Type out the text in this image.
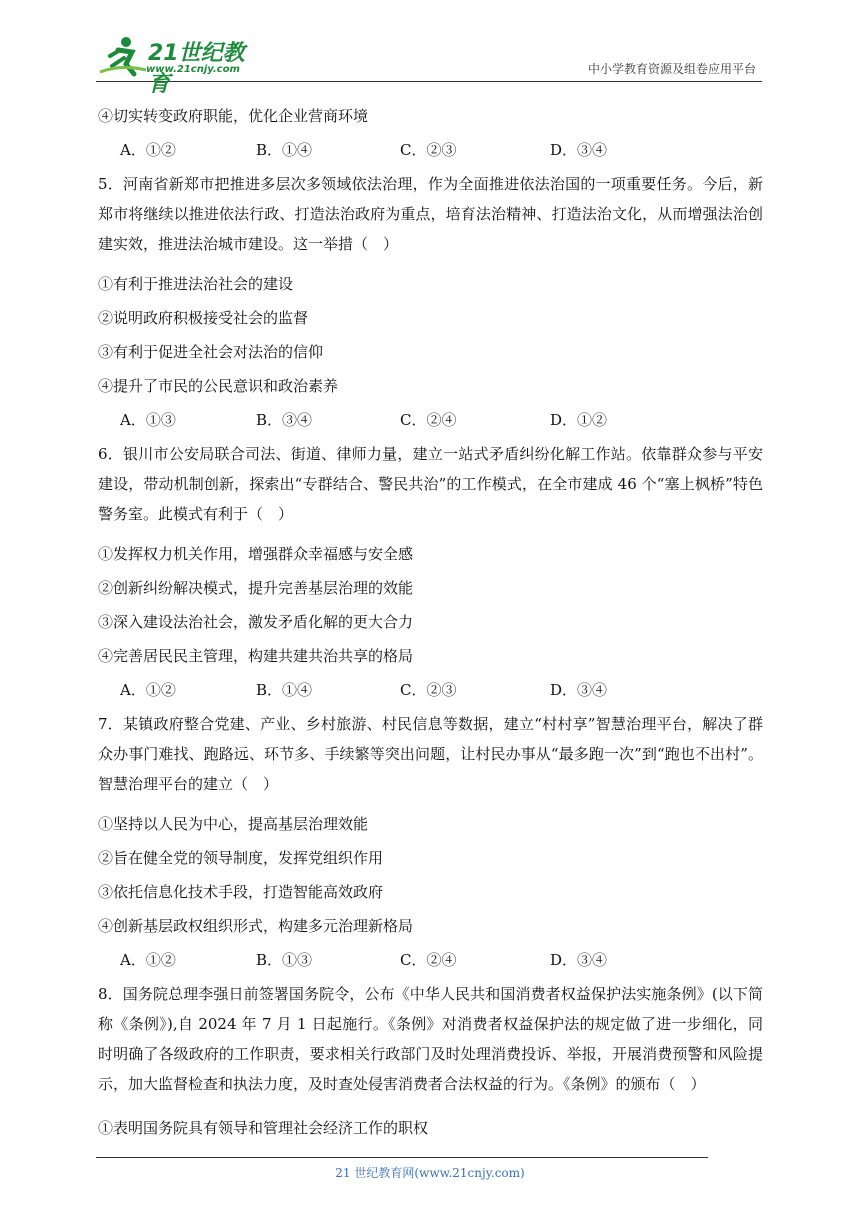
21世纪教育
www.21cnjy.com	中小学教育资源及组卷应用平台
④切实转变政府职能，优化企业营商环境
A．①②	B．①④	C．②③	D．③④
5．河南省新郑市把推进多层次多领域依法治理，作为全面推进依法治国的一项重要任务。今后，新郑市将继续以推进依法行政、打造法治政府为重点，培育法治精神、打造法治文化，从而增强法治创建实效，推进法治城市建设。这一举措（　）
①有利于推进法治社会的建设
②说明政府积极接受社会的监督
③有利于促进全社会对法治的信仰
④提升了市民的公民意识和政治素养
A．①③	B．③④	C．②④	D．①②
6．银川市公安局联合司法、街道、律师力量，建立一站式矛盾纠纷化解工作站。依靠群众参与平安建设，带动机制创新，探索出“专群结合、警民共治”的工作模式，在全市建成 46 个“塞上枫桥”特色警务室。此模式有利于（　）
①发挥权力机关作用，增强群众幸福感与安全感
②创新纠纷解决模式，提升完善基层治理的效能
③深入建设法治社会，激发矛盾化解的更大合力
④完善居民民主管理，构建共建共治共享的格局
A．①②	B．①④	C．②③	D．③④
7．某镇政府整合党建、产业、乡村旅游、村民信息等数据，建立“村村享”智慧治理平台，解决了群众办事门难找、跑路远、环节多、手续繁等突出问题，让村民办事从“最多跑一次”到“跑也不出村”。智慧治理平台的建立（　）
①坚持以人民为中心，提高基层治理效能
②旨在健全党的领导制度，发挥党组织作用
③依托信息化技术手段，打造智能高效政府
④创新基层政权组织形式，构建多元治理新格局
A．①②	B．①③	C．②④	D．③④
8．国务院总理李强日前签署国务院令，公布《中华人民共和国消费者权益保护法实施条例》(以下简称《条例》),自 2024 年 7 月 1 日起施行。《条例》对消费者权益保护法的规定做了进一步细化，同时明确了各级政府的工作职责，要求相关行政部门及时处理消费投诉、举报，开展消费预警和风险提示，加大监督检查和执法力度，及时查处侵害消费者合法权益的行为。《条例》的颁布（　）
①表明国务院具有领导和管理社会经济工作的职权
21 世纪教育网(www.21cnjy.com)
